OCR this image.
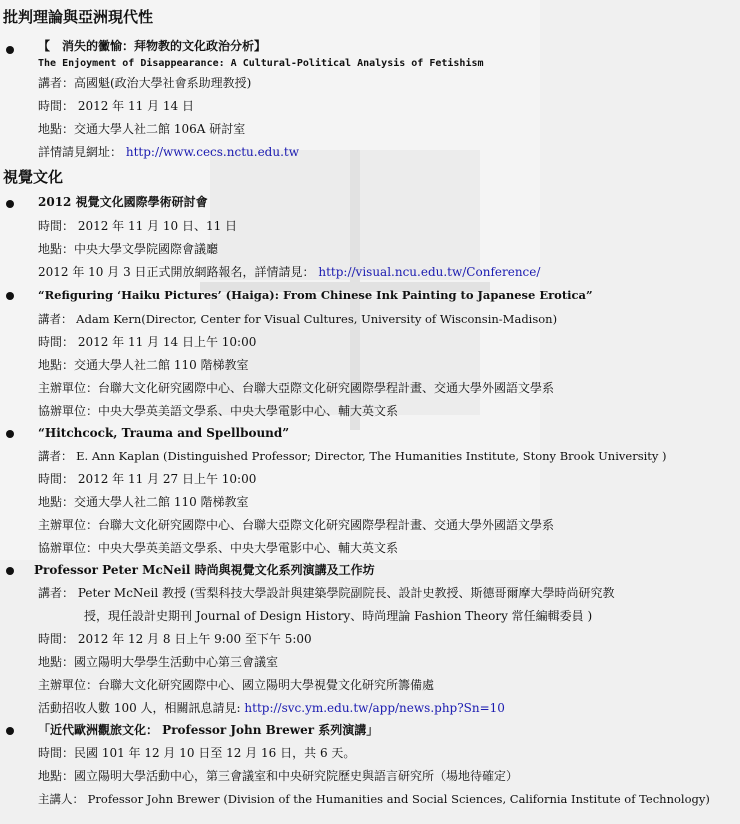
批判理論與亞洲現代性
【　消失的黴愉：拜物教的文化政治分析】
The Enjoyment of Disappearance: A Cultural-Political Analysis of Fetishism
講者：高國魁(政治大學社會系助理教授)
時間： 2012 年 11 月 14 日
地點：交通大學人社二館 106A 研討室
詳情請見網址： http://www.cecs.nctu.edu.tw
視覺文化
2012 視覺文化國際學術研討會
時間： 2012 年 11 月 10 日、11 日
地點：中央大學文學院國際會議廳
2012 年 10 月 3 日正式開放網路報名，詳情請見： http://visual.ncu.edu.tw/Conference/
“Refiguring ‘Haiku Pictures’ (Haiga): From Chinese Ink Painting to Japanese Erotica”
講者： Adam Kern(Director, Center for Visual Cultures, University of Wisconsin-Madison)
時間： 2012 年 11 月 14 日上午 10:00
地點：交通大學人社二館 110 階梯教室
主辦單位：台聯大文化研究國際中心、台聯大亞際文化研究國際學程計畫、交通大學外國語文學系
協辦單位：中央大學英美語文學系、中央大學電影中心、輔大英文系
“Hitchcock, Trauma and Spellbound”
講者： E. Ann Kaplan (Distinguished Professor; Director, The Humanities Institute, Stony Brook University )
時間： 2012 年 11 月 27 日上午 10:00
地點：交通大學人社二館 110 階梯教室
主辦單位：台聯大文化研究國際中心、台聯大亞際文化研究國際學程計畫、交通大學外國語文學系
協辦單位：中央大學英美語文學系、中央大學電影中心、輔大英文系
Professor Peter McNeil 時尚與視覺文化系列演講及工作坊
講者： Peter McNeil 教授 (雪梨科技大學設計與建築學院副院長、設計史教授、斯德哥爾摩大學時尚研究教
授，現任設計史期刊 Journal of Design History、時尚理論 Fashion Theory 常任編輯委員 )
時間： 2012 年 12 月 8 日上午 9:00 至下午 5:00
地點：國立陽明大學學生活動中心第三會議室
主辦單位：台聯大文化研究國際中心、國立陽明大學視覺文化研究所籌備處
活動招收人數 100 人，相關訊息請見: http://svc.ym.edu.tw/app/news.php?Sn=10
「近代歐洲觀旅文化： Professor John Brewer 系列演講」
時間：民國 101 年 12 月 10 日至 12 月 16 日，共 6 天。
地點：國立陽明大學活動中心，第三會議室和中央研究院歷史與語言研究所（場地待確定）
主講人： Professor John Brewer (Division of the Humanities and Social Sciences, California Institute of Technology)
